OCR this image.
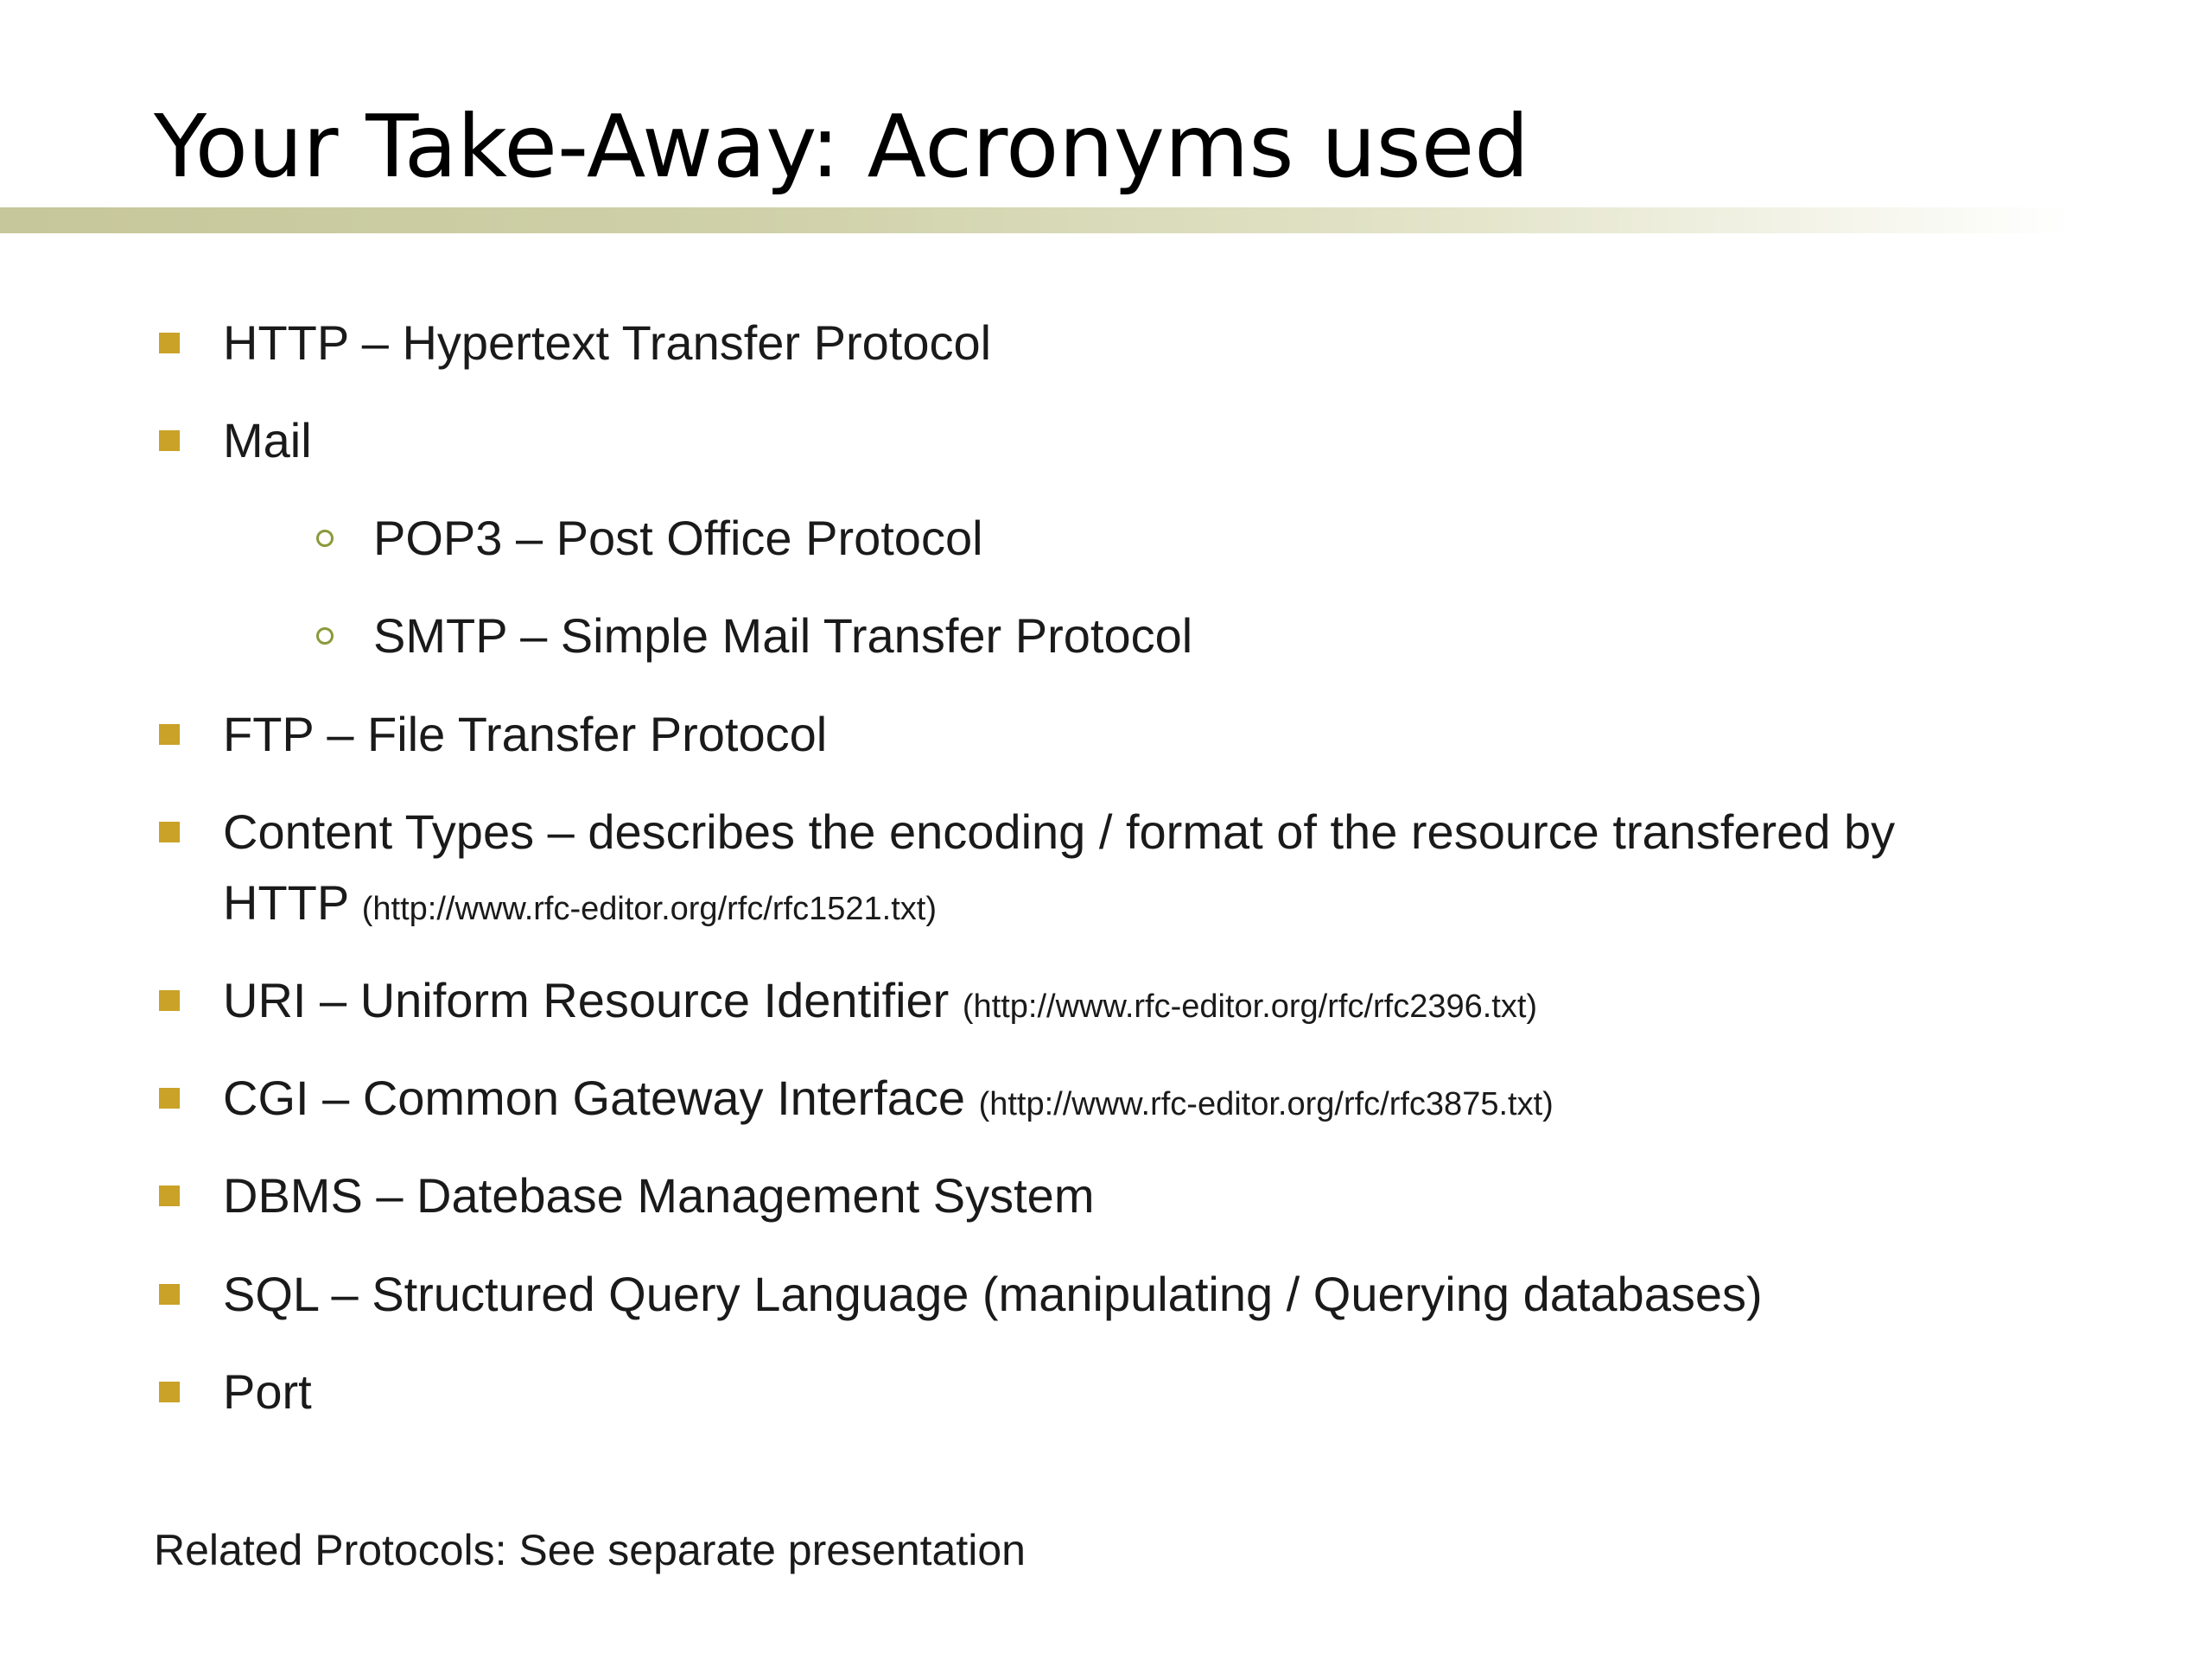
Your Take-Away: Acronyms used
HTTP – Hypertext Transfer Protocol
Mail
POP3 – Post Office Protocol
SMTP – Simple Mail Transfer Protocol
FTP – File Transfer Protocol
Content Types – describes the encoding / format of the resource transfered by
HTTP (http://www.rfc-editor.org/rfc/rfc1521.txt)
URI – Uniform Resource Identifier (http://www.rfc-editor.org/rfc/rfc2396.txt)
CGI – Common Gateway Interface (http://www.rfc-editor.org/rfc/rfc3875.txt)
DBMS – Datebase Management System
SQL – Structured Query Language (manipulating / Querying databases)
Port

Related Protocols: See separate presentation
